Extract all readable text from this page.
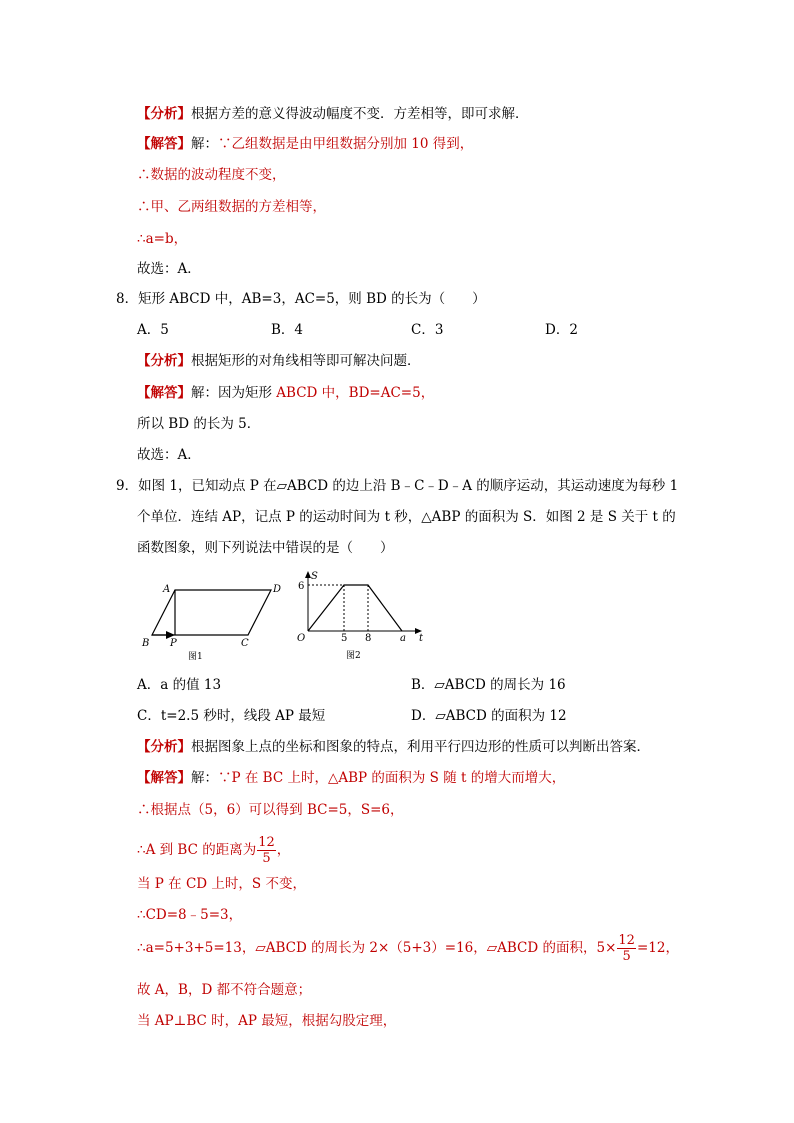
【分析】根据方差的意义得波动幅度不变．方差相等，即可求解．
【解答】解：∵乙组数据是由甲组数据分别加 10 得到，
∴数据的波动程度不变，
∴甲、乙两组数据的方差相等，
∴a=b，
故选：A．
8．矩形 ABCD 中，AB=3，AC=5，则 BD 的长为（　　）
A．5	B．4	C．3	D．2
【分析】根据矩形的对角线相等即可解决问题．
【解答】解：因为矩形 ABCD 中，BD=AC=5，
所以 BD 的长为 5．
故选：A．
9．如图 1，已知动点 P 在▱ABCD 的边上沿 B﹣C﹣D﹣A 的顺序运动，其运动速度为每秒 1
个单位．连结 AP，记点 P 的运动时间为 t 秒，△ABP 的面积为 S．如图 2 是 S 关于 t 的
函数图象，则下列说法中错误的是（　　）
A	D
B P	C
图1
S
6
O	5 8	a t
图2
A．a 的值 13	B．▱ABCD 的周长为 16
C．t=2.5 秒时，线段 AP 最短	D．▱ABCD 的面积为 12
【分析】根据图象上点的坐标和图象的特点，利用平行四边形的性质可以判断出答案．
【解答】解：∵P 在 BC 上时，△ABP 的面积为 S 随 t 的增大而增大，
∴根据点（5，6）可以得到 BC=5，S=6，
∴A 到 BC 的距离为 $\frac{12}{5}$ ，
当 P 在 CD 上时，S 不变，
∴CD=8﹣5=3，
∴a=5+3+5=13，▱ABCD 的周长为 2×（5+3）=16，▱ABCD 的面积，$5\times \frac{12}{5} =12$，
故 A，B，D 都不符合题意；
当 AP⊥BC 时，AP 最短，根据勾股定理，
